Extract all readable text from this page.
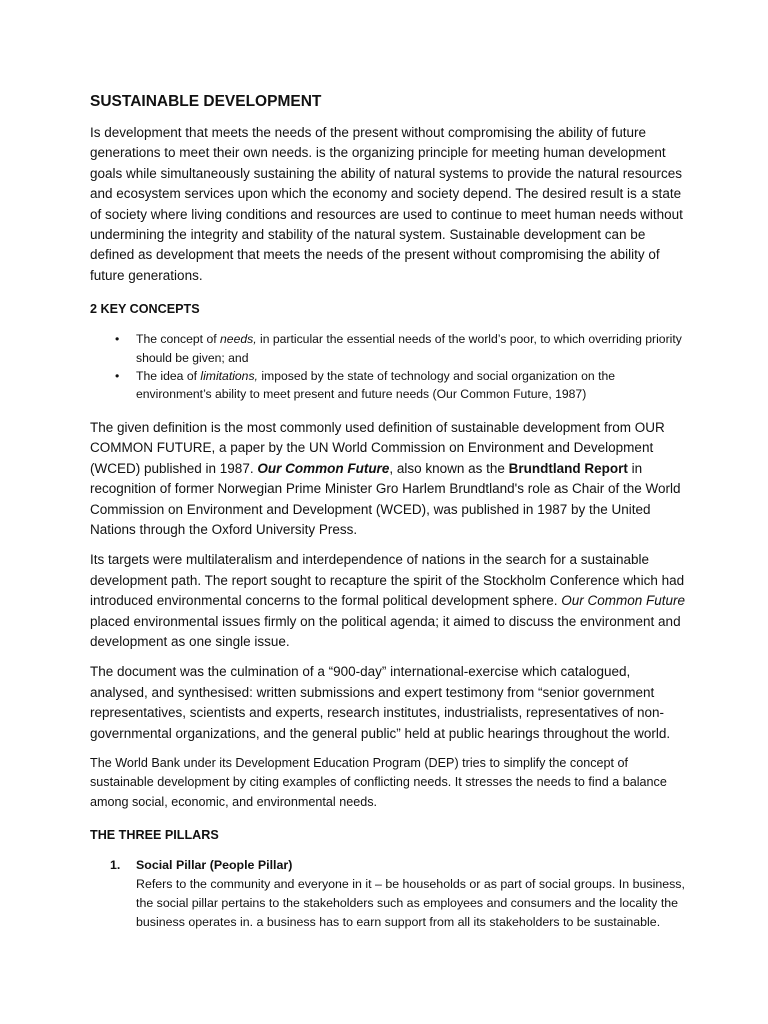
SUSTAINABLE DEVELOPMENT

Is development that meets the needs of the present without compromising the ability of future generations to meet their own needs. is the organizing principle for meeting human development goals while simultaneously sustaining the ability of natural systems to provide the natural resources and ecosystem services upon which the economy and society depend. The desired result is a state of society where living conditions and resources are used to continue to meet human needs without undermining the integrity and stability of the natural system. Sustainable development can be defined as development that meets the needs of the present without compromising the ability of future generations.

2 KEY CONCEPTS
• The concept of needs, in particular the essential needs of the world’s poor, to which overriding priority should be given; and
• The idea of limitations, imposed by the state of technology and social organization on the environment’s ability to meet present and future needs (Our Common Future, 1987)

The given definition is the most commonly used definition of sustainable development from OUR COMMON FUTURE, a paper by the UN World Commission on Environment and Development (WCED) published in 1987. Our Common Future, also known as the Brundtland Report in recognition of former Norwegian Prime Minister Gro Harlem Brundtland's role as Chair of the World Commission on Environment and Development (WCED), was published in 1987 by the United Nations through the Oxford University Press.

Its targets were multilateralism and interdependence of nations in the search for a sustainable development path. The report sought to recapture the spirit of the Stockholm Conference which had introduced environmental concerns to the formal political development sphere. Our Common Future placed environmental issues firmly on the political agenda; it aimed to discuss the environment and development as one single issue.

The document was the culmination of a “900-day” international-exercise which catalogued, analysed, and synthesised: written submissions and expert testimony from “senior government representatives, scientists and experts, research institutes, industrialists, representatives of non-governmental organizations, and the general public” held at public hearings throughout the world.

The World Bank under its Development Education Program (DEP) tries to simplify the concept of sustainable development by citing examples of conflicting needs. It stresses the needs to find a balance among social, economic, and environmental needs.

THE THREE PILLARS
1. Social Pillar (People Pillar)
Refers to the community and everyone in it – be households or as part of social groups. In business, the social pillar pertains to the stakeholders such as employees and consumers and the locality the business operates in. a business has to earn support from all its stakeholders to be sustainable.
